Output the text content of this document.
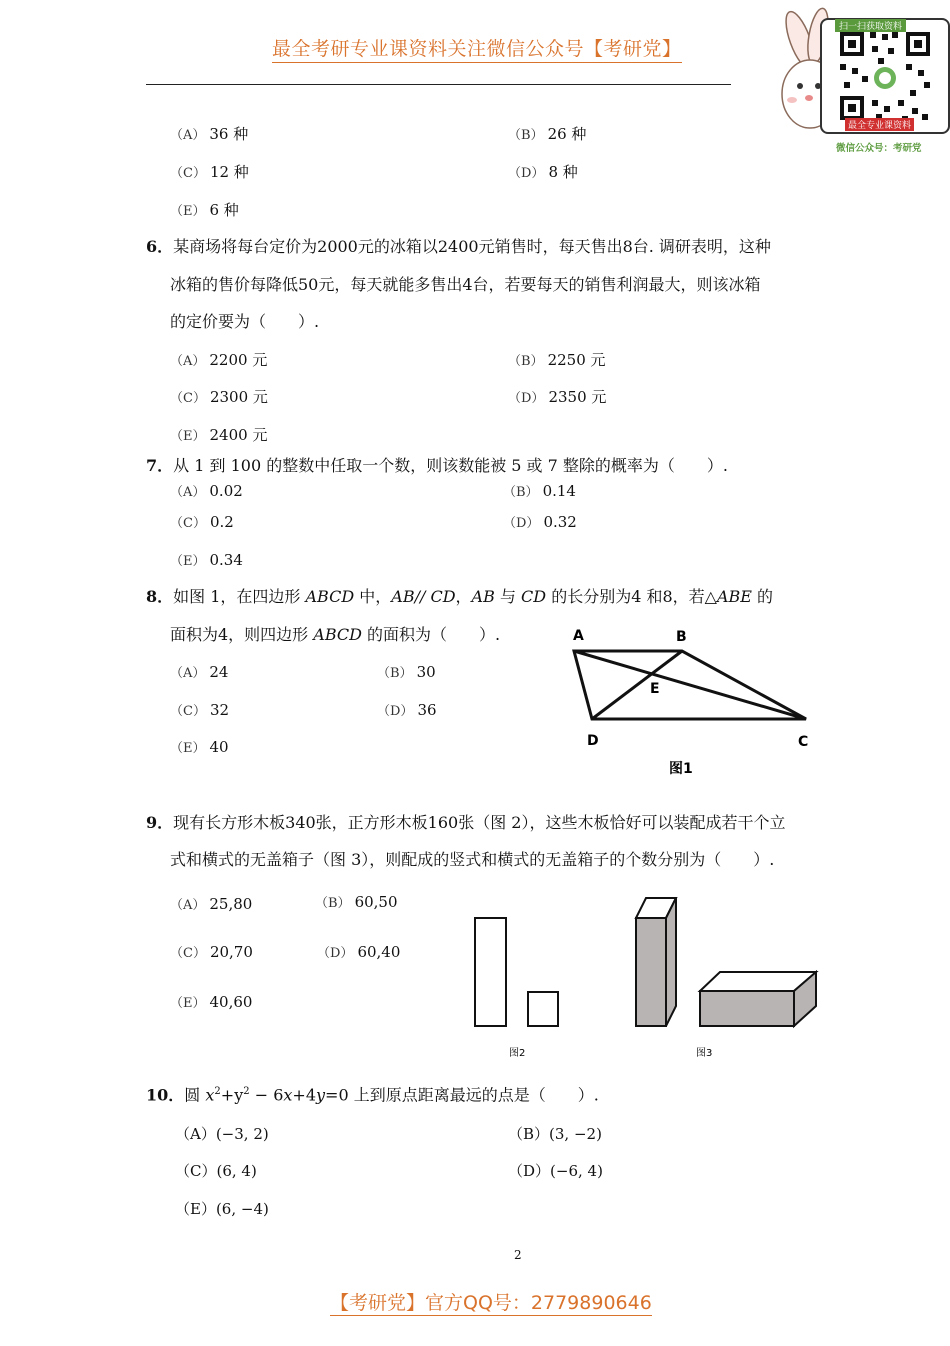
最全考研专业课资料关注微信公众号【考研党】
扫一扫获取资料
最全专业课资料
微信公众号：考研党
（A） 36 种	（B） 26 种
（C） 12 种	（D） 8 种
（E） 6 种
6．某商场将每台定价为2000元的冰箱以2400元销售时，每天售出8台. 调研表明，这种
冰箱的售价每降低50元，每天就能多售出4台，若要每天的销售利润最大，则该冰箱
的定价要为（　　）.
（A） 2200 元	（B） 2250 元
（C） 2300 元	（D） 2350 元
（E） 2400 元
7．从 1 到 100 的整数中任取一个数，则该数能被 5 或 7 整除的概率为（　　）.
（A） 0.02	（B） 0.14
（C） 0.2	（D） 0.32
（E） 0.34
8．如图 1，在四边形 ABCD 中，AB// CD，AB 与 CD 的长分别为4 和8，若△ABE 的
面积为4，则四边形 ABCD 的面积为（　　）.
（A） 24	（B） 30
（C） 32	（D） 36
（E） 40
A	B
E
D	C
图1
9．现有长方形木板340张，正方形木板160张（图 2），这些木板恰好可以装配成若干个立
式和横式的无盖箱子（图 3），则配成的竖式和横式的无盖箱子的个数分别为（　　）.
（A） 25,80	（B） 60,50
（C） 20,70	（D） 60,40
（E） 40,60
图2	图3
10．圆 $x^2+y^2 - 6x+4y=0$ 上到原点距离最远的点是（　　）.
（A）(−3, 2)	（B）(3, −2)
（C）(6, 4)	（D）(−6, 4)
（E）(6, −4)
2
【考研党】官方QQ号：2779890646
